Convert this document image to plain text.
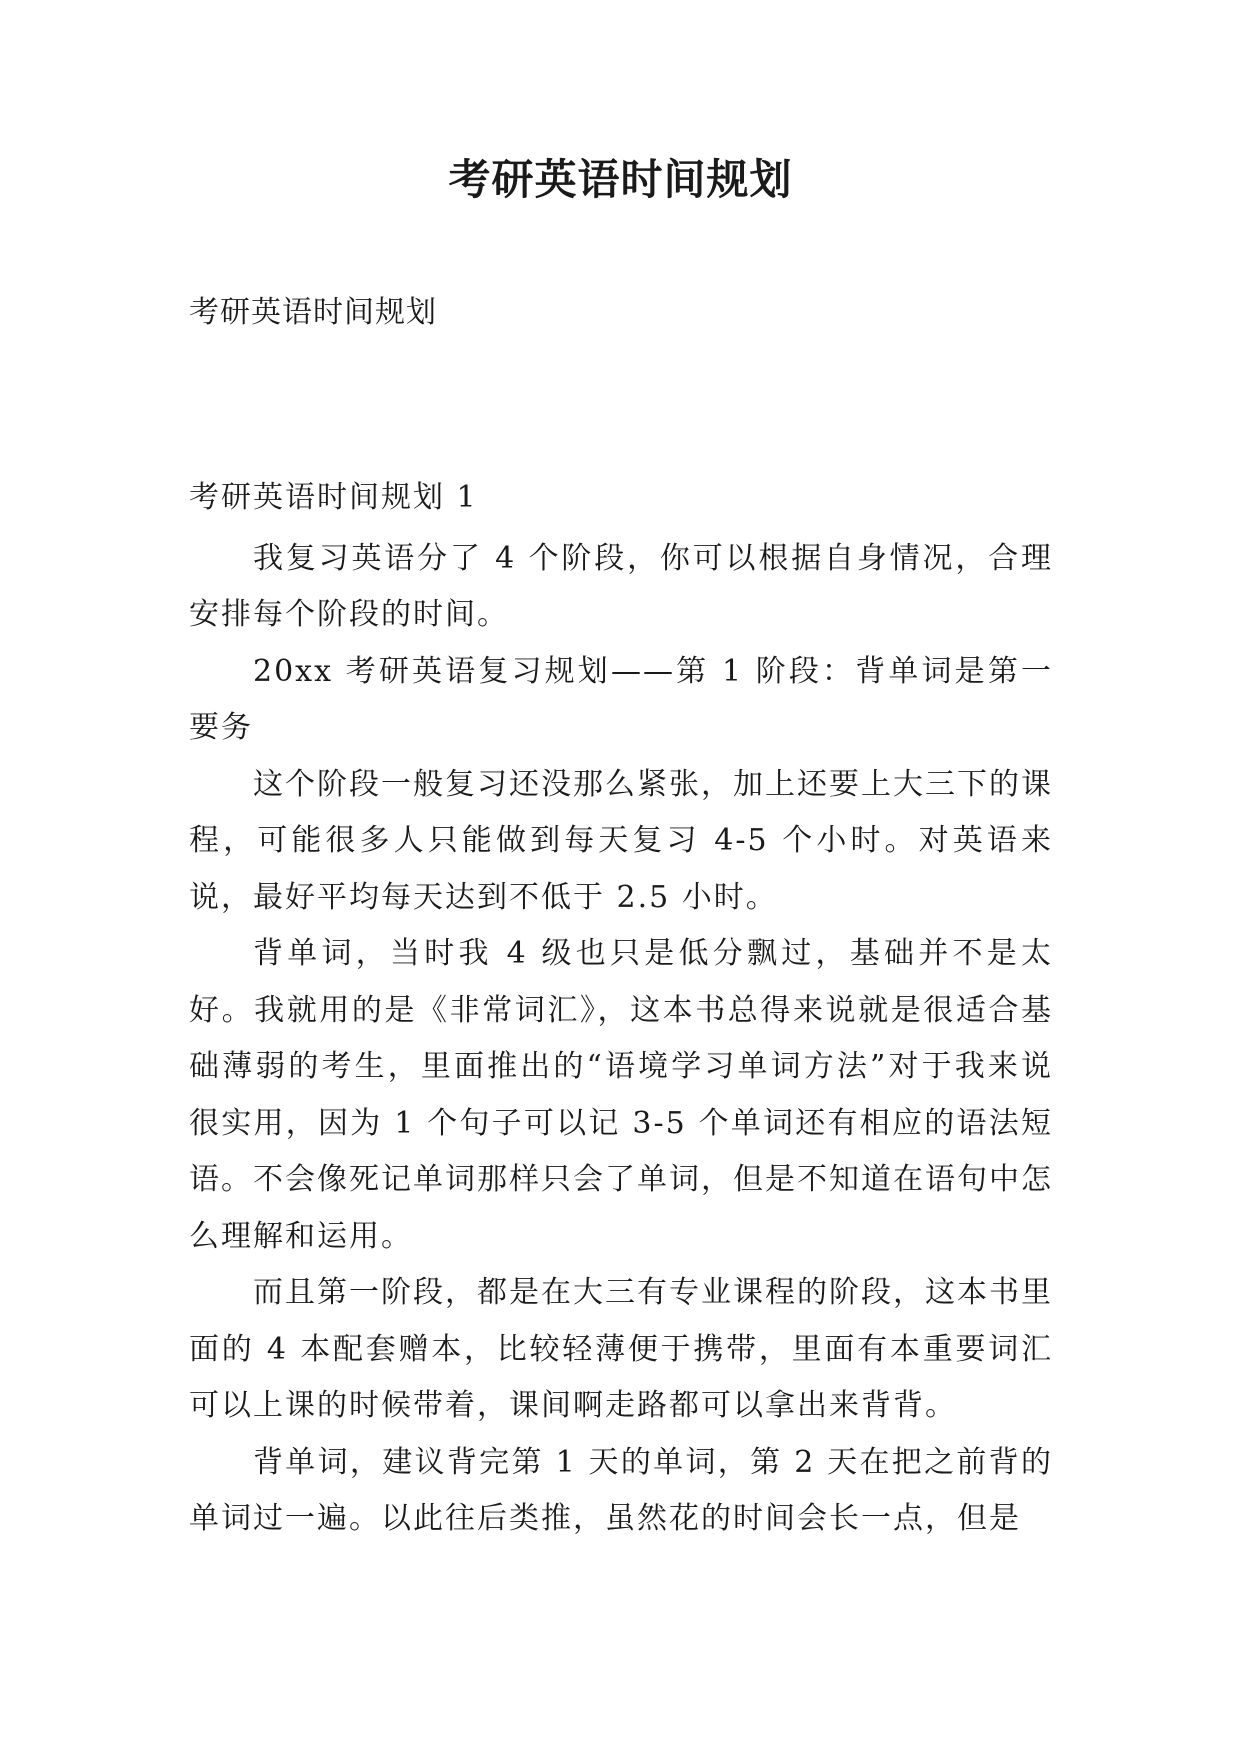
考研英语时间规划

考研英语时间规划

考研英语时间规划 1

我复习英语分了 4 个阶段，你可以根据自身情况，合理安排每个阶段的时间。

20xx 考研英语复习规划——第 1 阶段：背单词是第一要务

这个阶段一般复习还没那么紧张，加上还要上大三下的课程，可能很多人只能做到每天复习 4-5 个小时。对英语来说，最好平均每天达到不低于 2.5 小时。

背单词，当时我 4 级也只是低分飘过，基础并不是太好。我就用的是《非常词汇》，这本书总得来说就是很适合基础薄弱的考生，里面推出的“语境学习单词方法”对于我来说很实用，因为 1 个句子可以记 3-5 个单词还有相应的语法短语。不会像死记单词那样只会了单词，但是不知道在语句中怎么理解和运用。

而且第一阶段，都是在大三有专业课程的阶段，这本书里面的 4 本配套赠本，比较轻薄便于携带，里面有本重要词汇可以上课的时候带着，课间啊走路都可以拿出来背背。

背单词，建议背完第 1 天的单词，第 2 天在把之前背的单词过一遍。以此往后类推，虽然花的时间会长一点，但是
